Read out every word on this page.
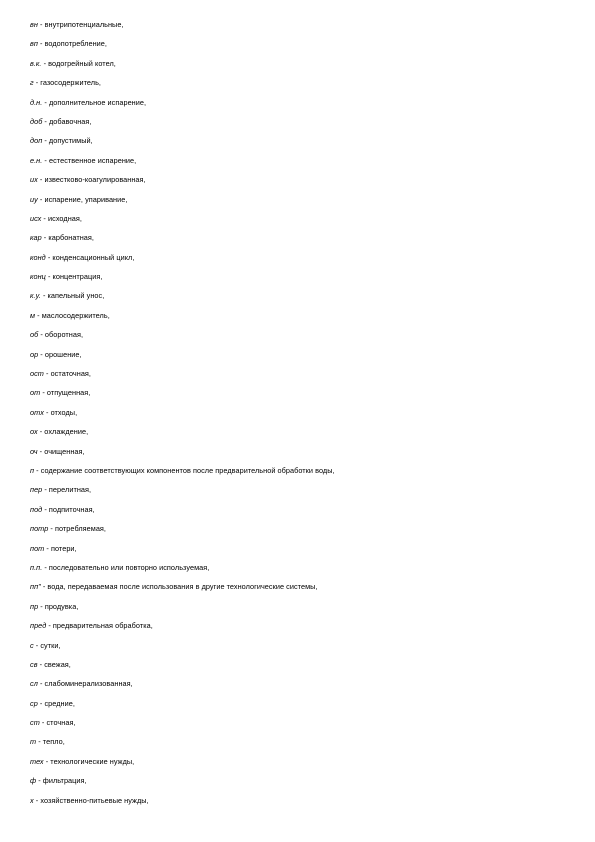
вн - внутрипотенциальные,
вп - водопотребление,
в.к. - водогрейный котел,
г - газосодержитель,
д.н. - дополнительное испарение,
доб - добавочная,
доп - допустимый,
е.н. - естественное испарение,
их - известково-коагулированная,
иу - испарение, упаривание,
исх - исходная,
кар - карбонатная,
конд - конденсационный цикл,
конц - концентрация,
к.у. - капельный унос,
м - маслосодержитель,
об - оборотная,
ор - орошение,
ост - остаточная,
от - отпущенная,
отх - отходы,
ох - охлаждение,
оч - очищенная,
п - содержание соответствующих компонентов после предварительной обработки воды,
пер - перелитная,
под - подпиточная,
потр - потребляемая,
пот - потери,
п.п. - последовательно или повторно используемая,
пп" - вода, передаваемая после использования в другие технологические системы,
пр - продувка,
пред - предварительная обработка,
с - сутки,
св - свежая,
сл - слабоминерализованная,
ср - средние,
ст - сточная,
т - тепло,
тех - технологические нужды,
ф - фильтрация,
х - хозяйственно-питьевые нужды,
